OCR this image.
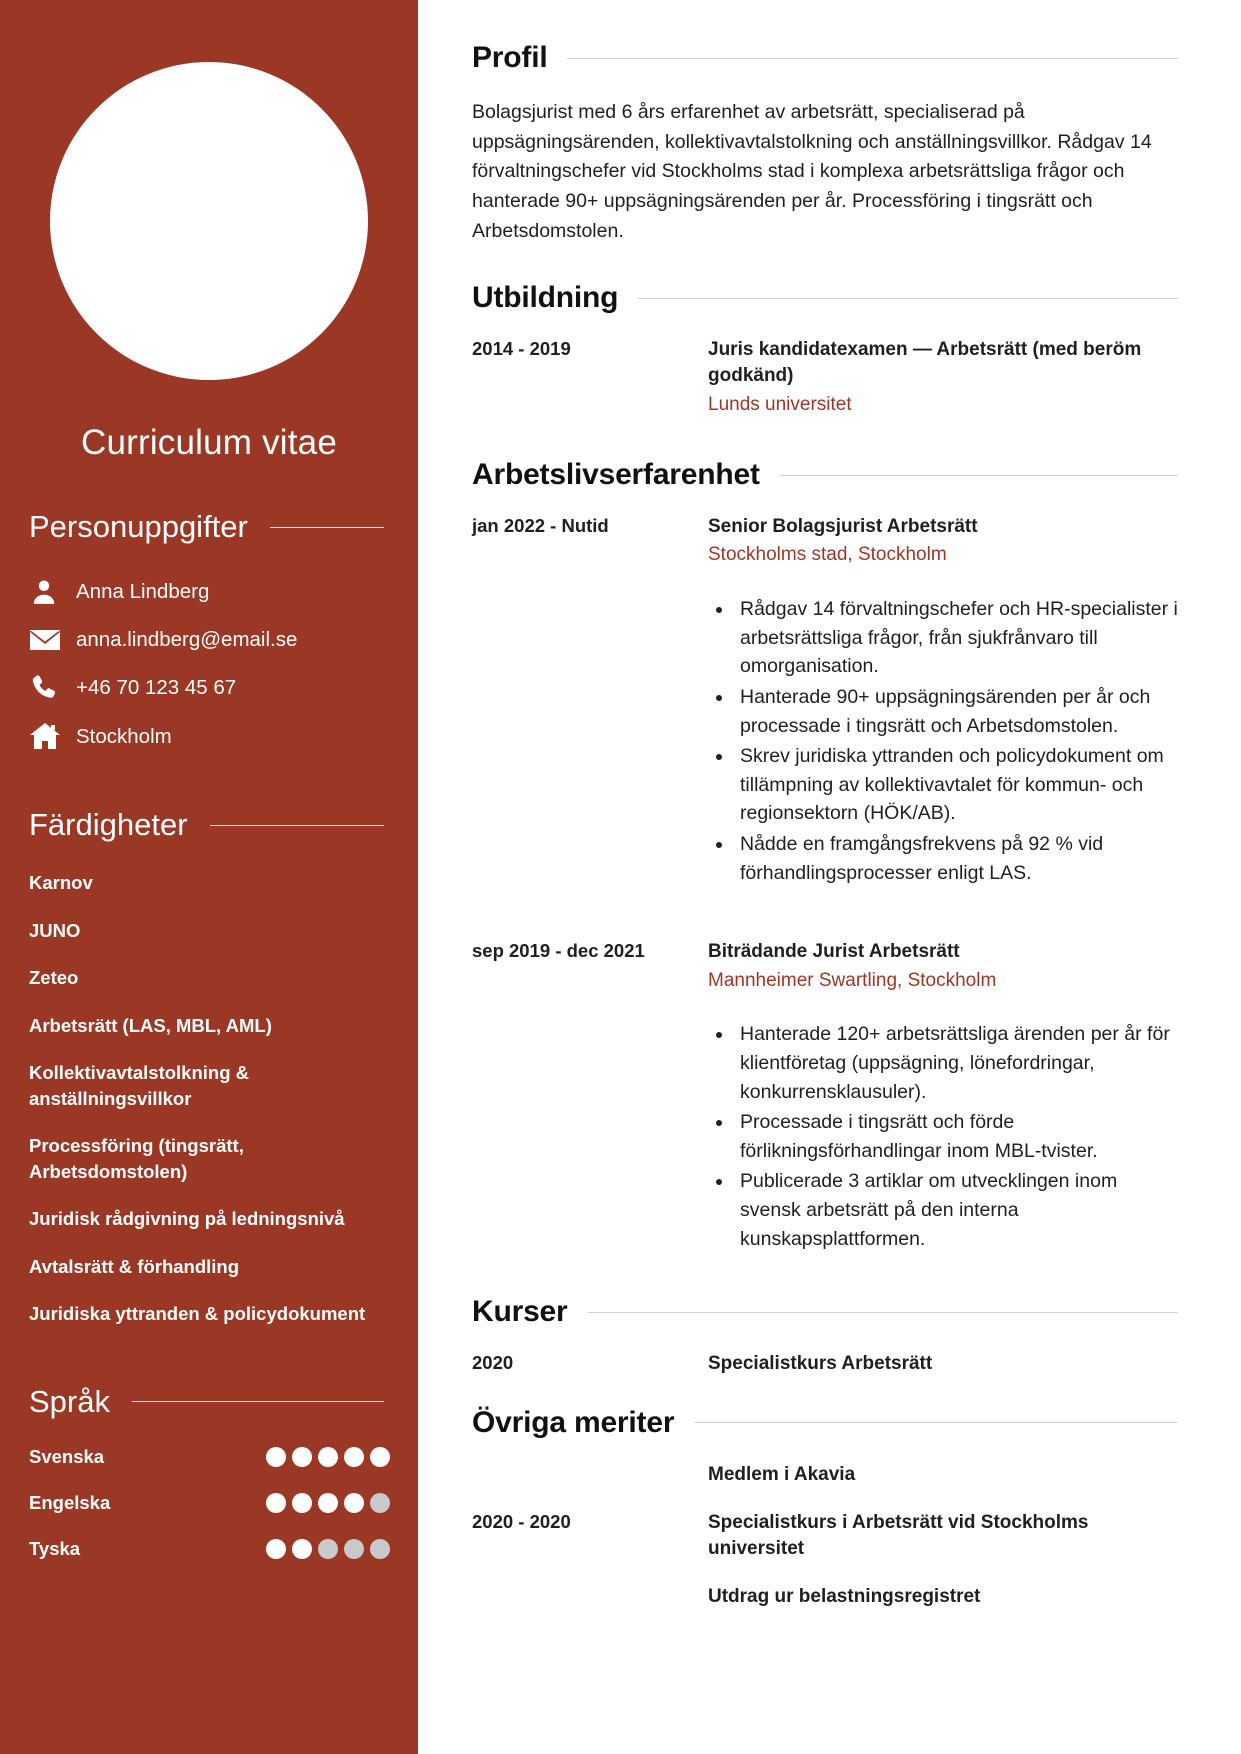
Curriculum vitae
Personuppgifter
Anna Lindberg
anna.lindberg@email.se
+46 70 123 45 67
Stockholm
Färdigheter
Karnov
JUNO
Zeteo
Arbetsrätt (LAS, MBL, AML)
Kollektivavtalstolkning & anställningsvillkor
Processföring (tingsrätt, Arbetsdomstolen)
Juridisk rådgivning på ledningsnivå
Avtalsrätt & förhandling
Juridiska yttranden & policydokument
Språk
Svenska
Engelska
Tyska
Profil

Bolagsjurist med 6 års erfarenhet av arbetsrätt, specialiserad på uppsägningsärenden, kollektivavtalstolkning och anställningsvillkor. Rådgav 14 förvaltningschefer vid Stockholms stad i komplexa arbetsrättsliga frågor och hanterade 90+ uppsägningsärenden per år. Processföring i tingsrätt och Arbetsdomstolen.

Utbildning
2014 - 2019	Juris kandidatexamen — Arbetsrätt (med beröm godkänd)
Lunds universitet
Arbetslivserfarenhet
jan 2022 - Nutid	Senior Bolagsjurist Arbetsrätt
Stockholms stad, Stockholm
• Rådgav 14 förvaltningschefer och HR-specialister i arbetsrättsliga frågor, från sjukfrånvaro till omorganisation.
• Hanterade 90+ uppsägningsärenden per år och processade i tingsrätt och Arbetsdomstolen.
• Skrev juridiska yttranden och policydokument om tillämpning av kollektivavtalet för kommun- och regionsektorn (HÖK/AB).
• Nådde en framgångsfrekvens på 92 % vid förhandlingsprocesser enligt LAS.
sep 2019 - dec 2021	Biträdande Jurist Arbetsrätt
Mannheimer Swartling, Stockholm
• Hanterade 120+ arbetsrättsliga ärenden per år för klientföretag (uppsägning, lönefordringar, konkurrensklausuler).
• Processade i tingsrätt och förde förlikningsförhandlingar inom MBL-tvister.
• Publicerade 3 artiklar om utvecklingen inom svensk arbetsrätt på den interna kunskapsplattformen.
Kurser
2020	Specialistkurs Arbetsrätt
Övriga meriter
Medlem i Akavia
2020 - 2020	Specialistkurs i Arbetsrätt vid Stockholms universitet
Utdrag ur belastningsregistret
